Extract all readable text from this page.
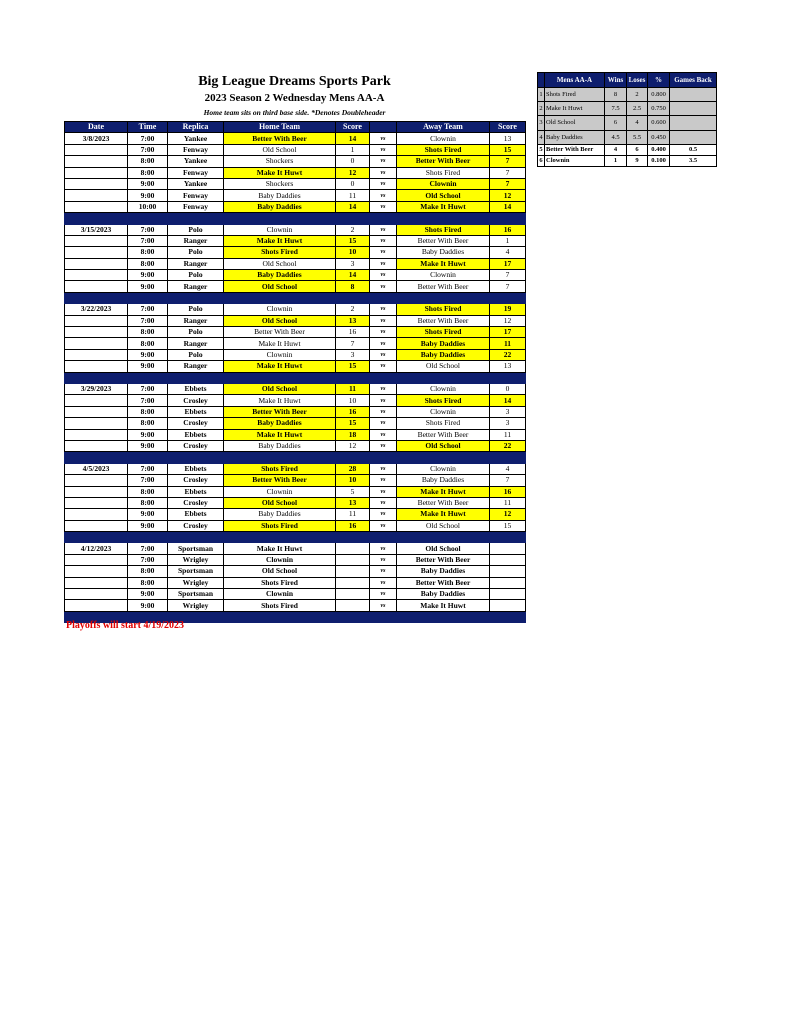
Big League Dreams Sports Park
2023 Season 2 Wednesday Mens AA-A
Home team sits on third base side. *Denotes Doubleheader
Date	Time	Replica	Home Team	Score		Away Team	Score
3/8/2023	7:00	Yankee	Better With Beer	14	vs	Clownin	13
	7:00	Fenway	Old School	1	vs	Shots Fired	15
	8:00	Yankee	Shockers	0	vs	Better With Beer	7
	8:00	Fenway	Make It Huwt	12	vs	Shots Fired	7
	9:00	Yankee	Shockers	0	vs	Clownin	7
	9:00	Fenway	Baby Daddies	11	vs	Old School	12
	10:00	Fenway	Baby Daddies	14	vs	Make It Huwt	14

3/15/2023	7:00	Polo	Clownin	2	vs	Shots Fired	16
	7:00	Ranger	Make It Huwt	15	vs	Better With Beer	1
	8:00	Polo	Shots Fired	10	vs	Baby Daddies	4
	8:00	Ranger	Old School	3	vs	Make It Huwt	17
	9:00	Polo	Baby Daddies	14	vs	Clownin	7
	9:00	Ranger	Old School	8	vs	Better With Beer	7

3/22/2023	7:00	Polo	Clownin	2	vs	Shots Fired	19
	7:00	Ranger	Old School	13	vs	Better With Beer	12
	8:00	Polo	Better With Beer	16	vs	Shots Fired	17
	8:00	Ranger	Make It Huwt	7	vs	Baby Daddies	11
	9:00	Polo	Clownin	3	vs	Baby Daddies	22
	9:00	Ranger	Make It Huwt	15	vs	Old School	13

3/29/2023	7:00	Ebbets	Old School	11	vs	Clownin	0
	7:00	Crosley	Make It Huwt	10	vs	Shots Fired	14
	8:00	Ebbets	Better With Beer	16	vs	Clownin	3
	8:00	Crosley	Baby Daddies	15	vs	Shots Fired	3
	9:00	Ebbets	Make It Huwt	18	vs	Better With Beer	11
	9:00	Crosley	Baby Daddies	12	vs	Old School	22

4/5/2023	7:00	Ebbets	Shots Fired	28	vs	Clownin	4
	7:00	Crosley	Better With Beer	10	vs	Baby Daddies	7
	8:00	Ebbets	Clownin	5	vs	Make It Huwt	16
	8:00	Crosley	Old School	13	vs	Better With Beer	11
	9:00	Ebbets	Baby Daddies	11	vs	Make It Huwt	12
	9:00	Crosley	Shots Fired	16	vs	Old School	15

4/12/2023	7:00	Sportsman	Make It Huwt		vs	Old School	
	7:00	Wrigley	Clownin		vs	Better With Beer	
	8:00	Sportsman	Old School		vs	Baby Daddies	
	8:00	Wrigley	Shots Fired		vs	Better With Beer	
	9:00	Sportsman	Clownin		vs	Baby Daddies	
	9:00	Wrigley	Shots Fired		vs	Make It Huwt	

Playoffs will start 4/19/2023
	Mens AA-A	Wins	Loses	%	Games Back
1	Shots Fired	8	2	0.800	
2	Make It Huwt	7.5	2.5	0.750	
3	Old School	6	4	0.600	
4	Baby Daddies	4.5	5.5	0.450	
5	Better With Beer	4	6	0.400	0.5
6	Clownin	1	9	0.100	3.5
